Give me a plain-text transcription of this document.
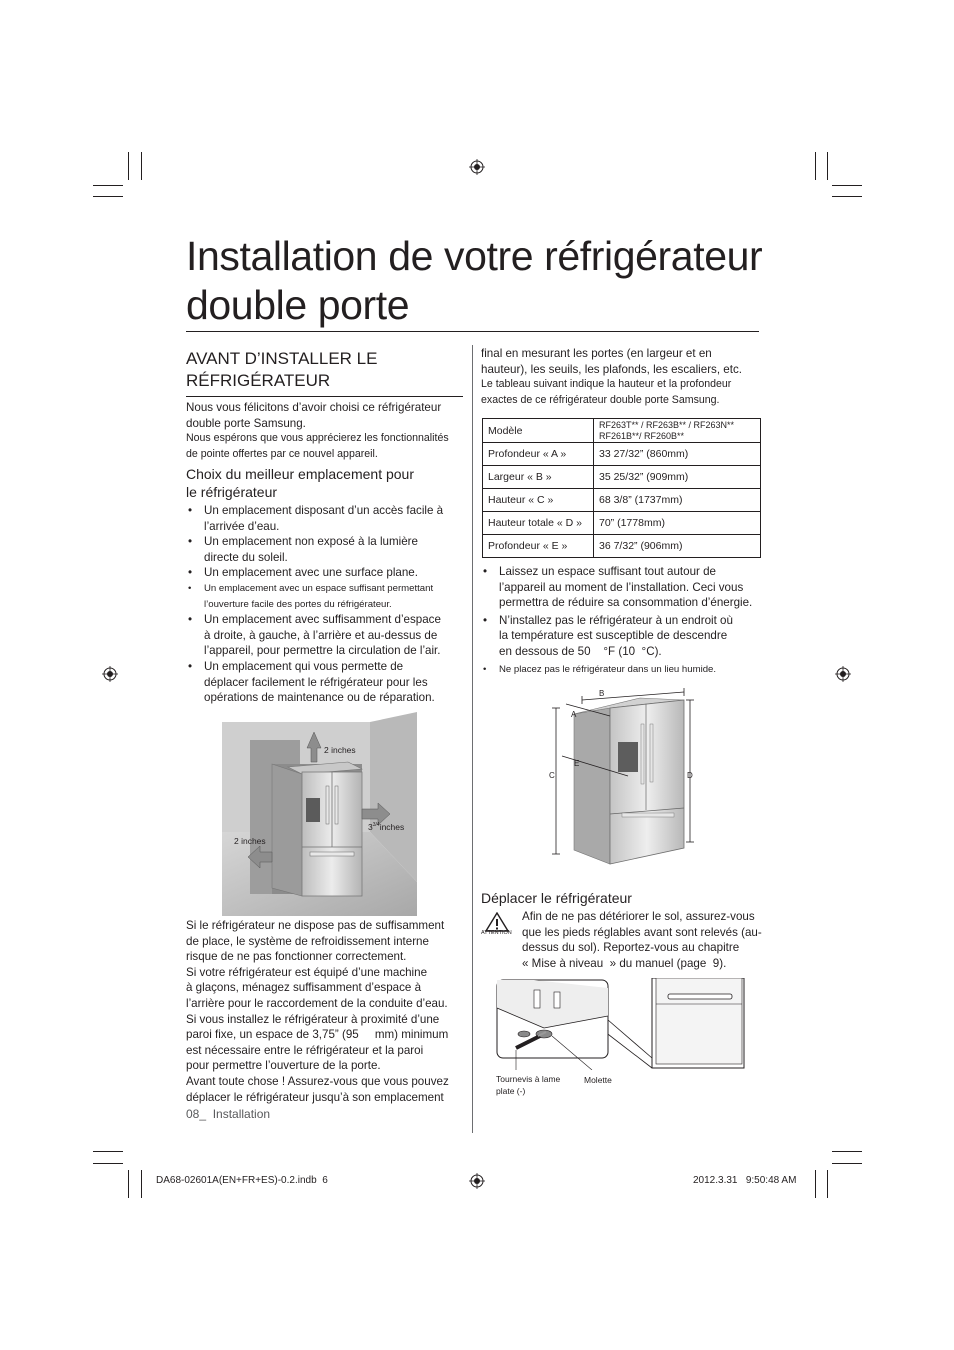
Installation de votre réfrigérateur
double porte
AVANT D’INSTALLER LE
RÉFRIGÉRATEUR
Nous vous félicitons d’avoir choisi ce réfrigérateur
double porte Samsung.
Nous espérons que vous apprécierez les fonctionnalités
de pointe offertes par ce nouvel appareil.
Choix du meilleur emplacement pour
le réfrigérateur
• Un emplacement disposant d’un accès facile à
l’arrivée d’eau.
• Un emplacement non exposé à la lumière
directe du soleil.
• Un emplacement avec une surface plane.
• Un emplacement avec un espace suffisant permettant
l’ouverture facile des portes du réfrigérateur.
• Un emplacement avec suffisamment d’espace
à droite, à gauche, à l’arrière et au-dessus de
l’appareil, pour permettre la circulation de l’air.
• Un emplacement qui vous permette de
déplacer facilement le réfrigérateur pour les
opérations de maintenance ou de réparation.
2 inches
2 inches
$3^{3/4}inches$
Si le réfrigérateur ne dispose pas de suffisamment
de place, le système de refroidissement interne
risque de ne pas fonctionner correctement.
Si votre réfrigérateur est équipé d’une machine
à glaçons, ménagez suffisamment d’espace à
l’arrière pour le raccordement de la conduite d’eau.
Si vous installez le réfrigérateur à proximité d’une
paroi fixe, un espace de 3,75” (95     mm) minimum
est nécessaire entre le réfrigérateur et la paroi
pour permettre l’ouverture de la porte.
Avant toute chose ! Assurez-vous que vous pouvez
déplacer le réfrigérateur jusqu’à son emplacement
08_  Installation
final en mesurant les portes (en largeur et en
hauteur), les seuils, les plafonds, les escaliers, etc.
Le tableau suivant indique la hauteur et la profondeur
exactes de ce réfrigérateur double porte Samsung.
Modèle	RF263T** / RF263B** / RF263N**
RF261B**/ RF260B**

Profondeur « A »	33 27/32” (860mm)
Largeur « B »	35 25/32” (909mm)
Hauteur « C »	68 3/8” (1737mm)
Hauteur totale « D »	70” (1778mm)
Profondeur « E »	36 7/32” (906mm)
• Laissez un espace suffisant tout autour de
l’appareil au moment de l’installation. Ceci vous
permettra de réduire sa consommation d’énergie.
• N’installez pas le réfrigérateur à un endroit où
la température est susceptible de descendre
en dessous de 50    °F (10  °C).
• Ne placez pas le réfrigérateur dans un lieu humide.
B
A
C	D
E
Déplacer le réfrigérateur
ATTENTION
Afin de ne pas détériorer le sol, assurez-vous
que les pieds réglables avant sont relevés (au-
dessus du sol). Reportez-vous au chapitre
« Mise à niveau  » du manuel (page  9).
Tournevis à lame
plate (-)
Molette
DA68-02601A(EN+FR+ES)-0.2.indb  6	2012.3.31   9:50:48 AM
